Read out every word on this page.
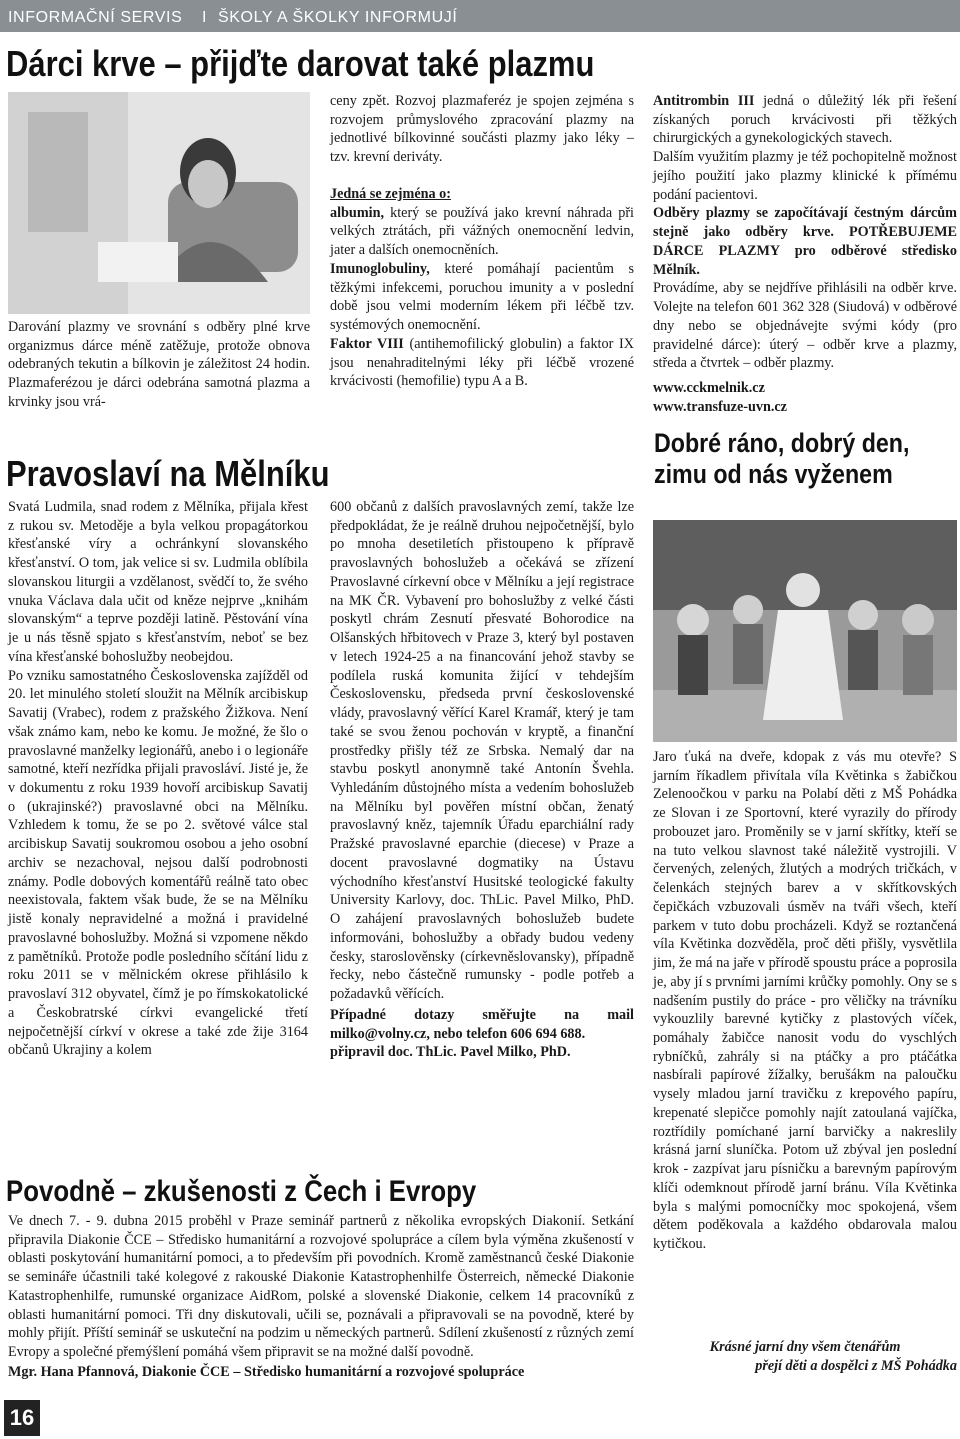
INFORMAČNÍ SERVIS I ŠKOLY A ŠKOLKY INFORMUJÍ
Dárci krve – přijďte darovat také plazmu

Darování plazmy ve srovnání s odběry plné krve organizmus dárce méně zatěžuje, protože obnova odebraných tekutin a bílkovin je záležitost 24 hodin. Plazmaferézou je dárci odebrána samotná plazma a krvinky jsou vrá-

ceny zpět. Rozvoj plazmaferéz je spojen zejména s rozvojem průmyslového zpracování plazmy na jednotlivé bílkovinné součásti plazmy jako léky – tzv. krevní deriváty.

Jedná se zejména o:

albumin, který se používá jako krevní náhrada při velkých ztrátách, při vážných onemocnění ledvin, jater a dalších onemocněních.

Imunoglobuliny, které pomáhají pacientům s těžkými infekcemi, poruchou imunity a v poslední době jsou velmi moderním lékem při léčbě tzv. systémových onemocnění.

Faktor VIII (antihemofilický globulin) a faktor IX jsou nenahraditelnými léky při léčbě vrozené krvácivosti (hemofilie) typu A a B.

Antitrombin III jedná o důležitý lék při řešení získaných poruch krvácivosti při těžkých chirurgických a gynekologických stavech.

Dalším využitím plazmy je též pochopitelně možnost jejího použití jako plazmy klinické k přímému podání pacientovi.

Odběry plazmy se započítávají čestným dárcům stejně jako odběry krve. POTŘEBUJEME DÁRCE PLAZMY pro odběrové středisko Mělník.

Provádíme, aby se nejdříve přihlásili na odběr krve. Volejte na telefon 601 362 328 (Siudová) v odběrové dny nebo se objednávejte svými kódy (pro pravidelné dárce): úterý – odběr krve a plazmy, středa a čtvrtek – odběr plazmy.

www.cckmelnik.cz

www.transfuze-uvn.cz

Pravoslaví na Mělníku

Svatá Ludmila, snad rodem z Mělníka, přijala křest z rukou sv. Metoděje a byla velkou propagátorkou křesťanské víry a ochránkyní slovanského křesťanství. O tom, jak velice si sv. Ludmila oblíbila slovanskou liturgii a vzdělanost, svědčí to, že svého vnuka Václava dala učit od kněze nejprve „knihám slovanským“ a teprve později latině. Pěstování vína je u nás těsně spjato s křesťanstvím, neboť se bez vína křesťanské bohoslužby neobejdou.

Po vzniku samostatného Československa zajížděl od 20. let minulého století sloužit na Mělník arcibiskup Savatij (Vrabec), rodem z pražského Žižkova. Není však známo kam, nebo ke komu. Je možné, že šlo o pravoslavné manželky legionářů, anebo i o legionáře samotné, kteří nezřídka přijali pravosláví. Jisté je, že v dokumentu z roku 1939 hovoří arcibiskup Savatij o (ukrajinské?) pravoslavné obci na Mělníku. Vzhledem k tomu, že se po 2. světové válce stal arcibiskup Savatij soukromou osobou a jeho osobní archiv se nezachoval, nejsou další podrobnosti známy. Podle dobových komentářů reálně tato obec neexistovala, faktem však bude, že se na Mělníku jistě konaly nepravidelné a možná i pravidelné pravoslavné bohoslužby. Možná si vzpomene někdo z pamětníků. Protože podle posledního sčítání lidu z roku 2011 se v mělnickém okrese přihlásilo k pravoslaví 312 obyvatel, čímž je po římskokatolické a Českobratrské církvi evangelické třetí nejpočetnější církví v okrese a také zde žije 3164 občanů Ukrajiny a kolem

600 občanů z dalších pravoslavných zemí, takže lze předpokládat, že je reálně druhou nejpočetnější, bylo po mnoha desetiletích přistoupeno k přípravě pravoslavných bohoslužeb a očekává se zřízení Pravoslavné církevní obce v Mělníku a její registrace na MK ČR. Vybavení pro bohoslužby z velké části poskytl chrám Zesnutí přesvaté Bohorodice na Olšanských hřbitovech v Praze 3, který byl postaven v letech 1924-25 a na financování jehož stavby se podílela ruská komunita žijící v tehdejším Československu, předseda první československé vlády, pravoslavný věřící Karel Kramář, který je tam také se svou ženou pochován v kryptě, a finanční prostředky přišly též ze Srbska. Nemalý dar na stavbu poskytl anonymně také Antonín Švehla. Vyhledáním důstojného místa a vedením bohoslužeb na Mělníku byl pověřen místní občan, ženatý pravoslavný kněz, tajemník Úřadu eparchiální rady Pražské pravoslavné eparchie (diecese) v Praze a docent pravoslavné dogmatiky na Ústavu východního křesťanství Husitské teologické fakulty University Karlovy, doc. ThLic. Pavel Milko, PhD. O zahájení pravoslavných bohoslužeb budete informováni, bohoslužby a obřady budou vedeny česky, staroslověnsky (církevněslovansky), případně řecky, nebo částečně rumunsky - podle potřeb a požadavků věřících.

Případné dotazy směřujte na mail milko@volny.cz, nebo telefon 606 694 688.

připravil doc. ThLic. Pavel Milko, PhD.

Dobré ráno, dobrý den,
zimu od nás vyženem

Jaro ťuká na dveře, kdopak z vás mu otevře? S jarním říkadlem přivítala víla Květinka s žabičkou Zelenoočkou v parku na Polabí děti z MŠ Pohádka ze Slovan i ze Sportovní, které vyrazily do přírody probouzet jaro. Proměnily se v jarní skřítky, kteří se na tuto velkou slavnost také náležitě vystrojili. V červených, zelených, žlutých a modrých tričkách, v čelenkách stejných barev a v skřítkovských čepičkách vzbuzovali úsměv na tváři všech, kteří parkem v tuto dobu procházeli. Když se roztančená víla Květinka dozvěděla, proč děti přišly, vysvětlila jim, že má na jaře v přírodě spoustu práce a poprosila je, aby jí s prvními jarními krůčky pomohly. Ony se s nadšením pustily do práce - pro věličky na trávníku vykouzlily barevné kytičky z plastových víček, pomáhaly žabičce nanosit vodu do vyschlých rybníčků, zahrály si na ptáčky a pro ptáčátka nasbírali papírové žížalky, berušákm na paloučku vysely mladou jarní travičku z krepového papíru, krepenaté slepičce pomohly najít zatoulaná vajíčka, roztřídily pomíchané jarní barvičky a nakreslily krásná jarní sluníčka. Potom už zbýval jen poslední krok - zazpívat jaru písničku a barevným papírovým klíči odemknout přírodě jarní bránu. Víla Květinka byla s malými pomocníčky moc spokojená, všem dětem poděkovala a každého obdarovala malou kytičkou.

Krásné jarní dny všem čtenářům
přejí děti a dospělci z MŠ Pohádka
Povodně – zkušenosti z Čech i Evropy

Ve dnech 7. - 9. dubna 2015 proběhl v Praze seminář partnerů z několika evropských Diakonií. Setkání připravila Diakonie ČCE – Středisko humanitární a rozvojové spolupráce a cílem byla výměna zkušeností v oblasti poskytování humanitární pomoci, a to především při povodních. Kromě zaměstnanců české Diakonie se semináře účastnili také kolegové z rakouské Diakonie Katastrophenhilfe Österreich, německé Diakonie Katastrophenhilfe, rumunské organizace AidRom, polské a slovenské Diakonie, celkem 14 pracovníků z oblasti humanitární pomoci. Tři dny diskutovali, učili se, poznávali a připravovali se na povodně, které by mohly přijít. Příští seminář se uskuteční na podzim u německých partnerů. Sdílení zkušeností z různých zemí Evropy a společné přemýšlení pomáhá všem připravit se na možné další povodně.

Mgr. Hana Pfannová, Diakonie ČCE – Středisko humanitární a rozvojové spolupráce

16
